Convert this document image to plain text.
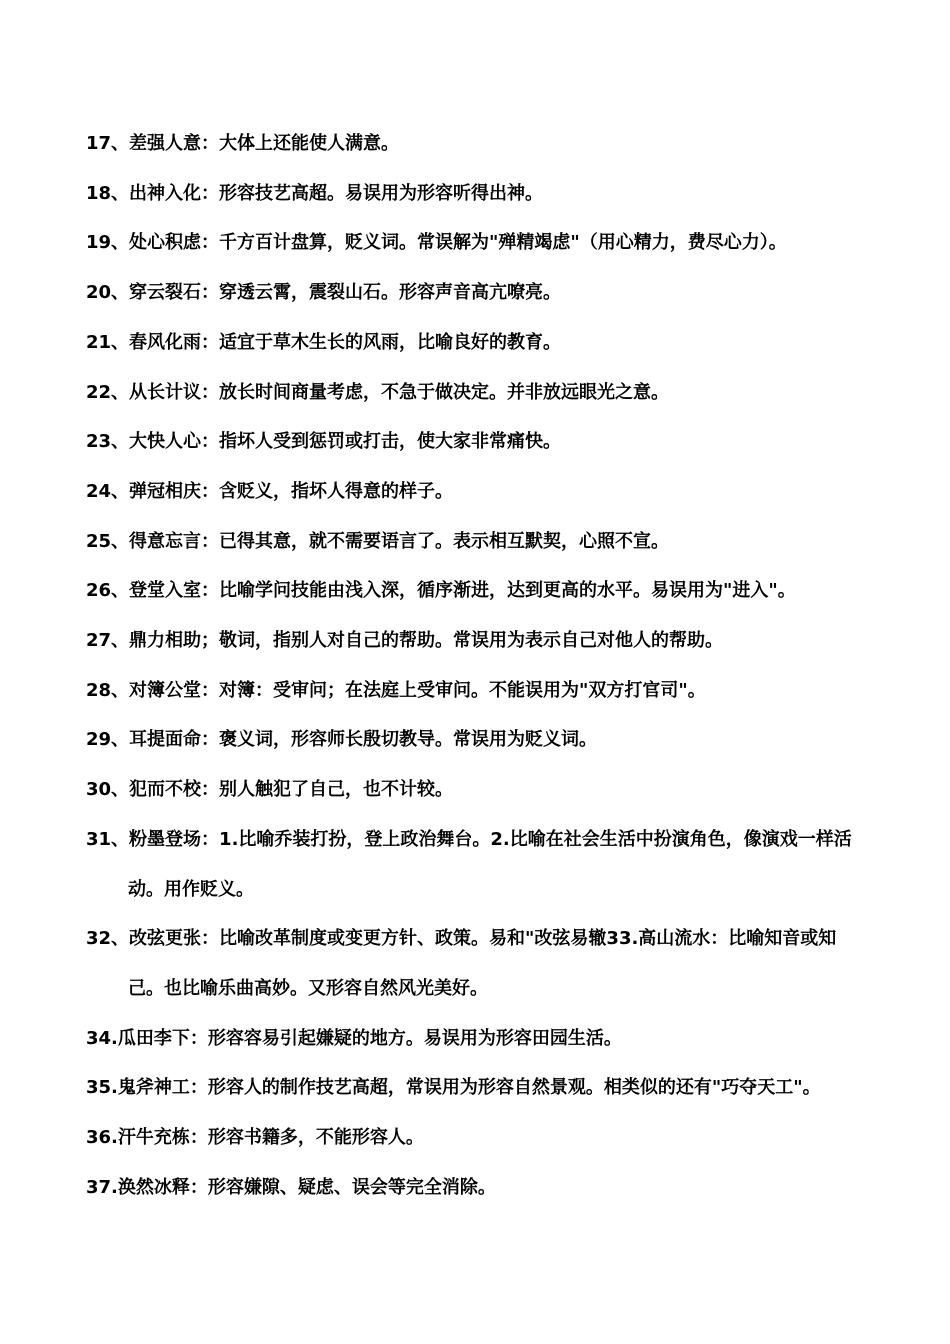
17、差强人意：大体上还能使人满意。
18、出神入化：形容技艺高超。易误用为形容听得出神。
19、处心积虑：千方百计盘算，贬义词。常误解为"殚精竭虑"（用心精力，费尽心力）。
20、穿云裂石：穿透云霄，震裂山石。形容声音高亢嘹亮。
21、春风化雨：适宜于草木生长的风雨，比喻良好的教育。
22、从长计议：放长时间商量考虑，不急于做决定。并非放远眼光之意。
23、大快人心：指坏人受到惩罚或打击，使大家非常痛快。
24、弹冠相庆：含贬义，指坏人得意的样子。
25、得意忘言：已得其意，就不需要语言了。表示相互默契，心照不宣。
26、登堂入室：比喻学问技能由浅入深，循序渐进，达到更高的水平。易误用为"进入"。
27、鼎力相助；敬词，指别人对自己的帮助。常误用为表示自己对他人的帮助。
28、对簿公堂：对簿：受审问；在法庭上受审问。不能误用为"双方打官司"。
29、耳提面命：褒义词，形容师长殷切教导。常误用为贬义词。
30、犯而不校：别人触犯了自己，也不计较。
31、粉墨登场：1.比喻乔装打扮，登上政治舞台。2.比喻在社会生活中扮演角色，像演戏一样活动。用作贬义。
32、改弦更张：比喻改革制度或变更方针、政策。易和"改弦易辙33.高山流水：比喻知音或知己。也比喻乐曲高妙。又形容自然风光美好。
34.瓜田李下：形容容易引起嫌疑的地方。易误用为形容田园生活。
35.鬼斧神工：形容人的制作技艺高超，常误用为形容自然景观。相类似的还有"巧夺天工"。
36.汗牛充栋：形容书籍多，不能形容人。
37.涣然冰释：形容嫌隙、疑虑、误会等完全消除。
